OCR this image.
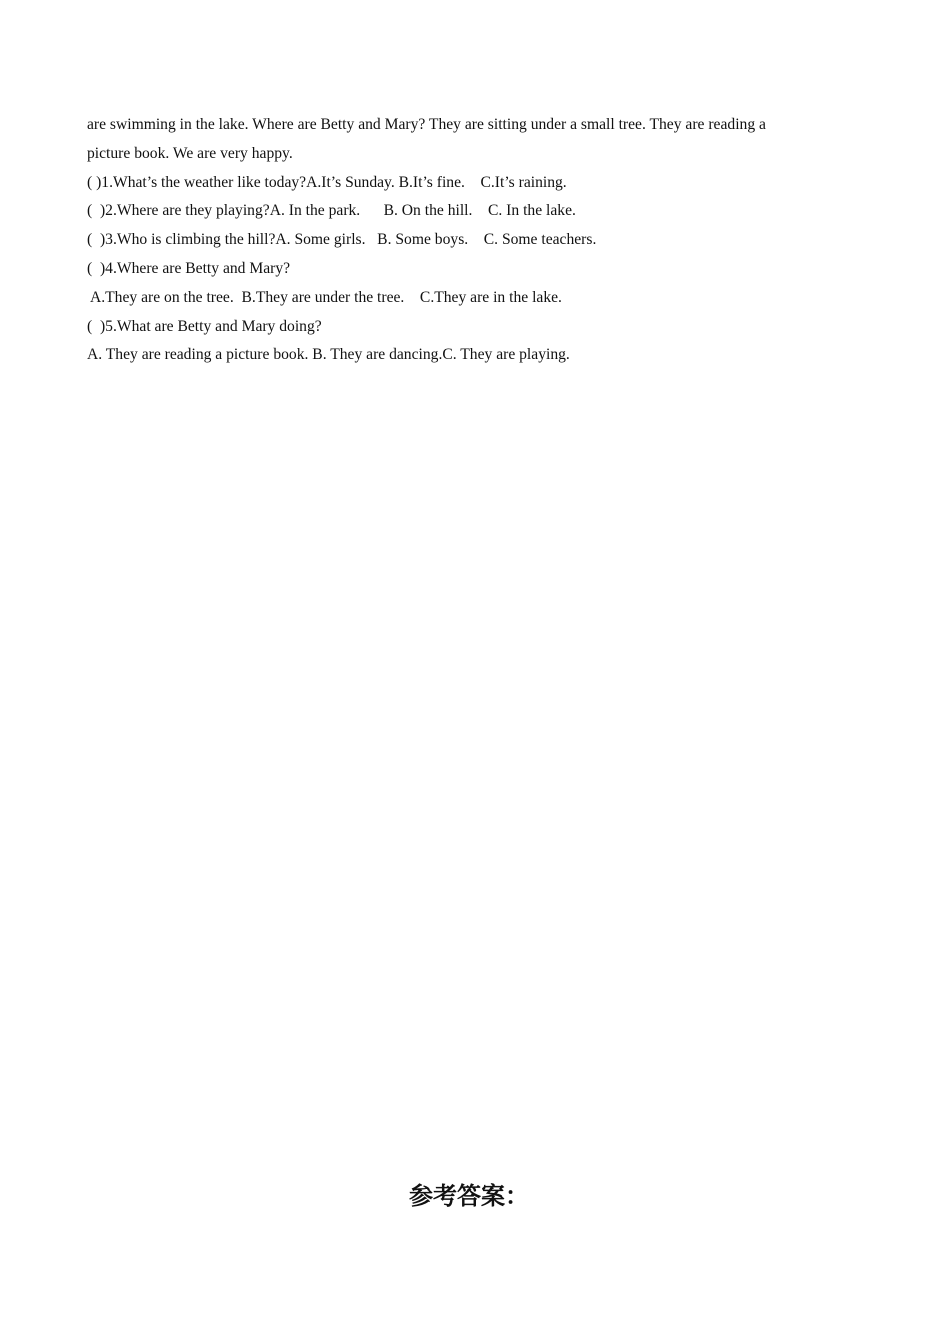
are swimming in the lake. Where are Betty and Mary? They are sitting under a small tree. They are reading a
picture book. We are very happy.
( )1.What’s the weather like today?A.It’s Sunday. B.It’s fine.    C.It’s raining.
(  )2.Where are they playing?A. In the park.      B. On the hill.    C. In the lake.
(  )3.Who is climbing the hill?A. Some girls.   B. Some boys.    C. Some teachers.
(  )4.Where are Betty and Mary?
A.They are on the tree.  B.They are under the tree.    C.They are in the lake.
(  )5.What are Betty and Mary doing?
A. They are reading a picture book. B. They are dancing.C. They are playing.
参考答案：
